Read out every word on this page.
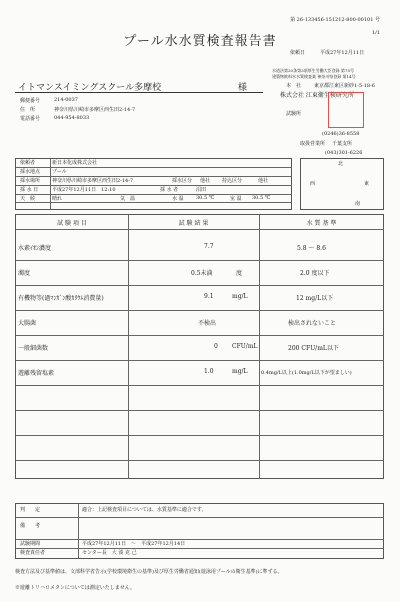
第 26-133456-151212-800-00101 号
1/1
プール水水質検査報告書
依頼日	平成27年12月11日
イトマンスイミングスクール多摩校	様
郵便番号	214-0037
住　所	神奈川県川崎市多摩区西生田2-14-7
電話番号	044-954-8033
水道法第20条第3項厚生労働大臣登録 第75号
建築物飲料水水質検査業 神奈川県登録 第14号
本　社	東京都江東区新砂1-5-18-6
株式会社 江東衛生検研究所
試験所
(0246)36-8558
取扱営業所 千葉支所
(043)301-6226
依頼者	新日本化成株式会社
採水地点 プール
採水場所 神奈川県川崎市多摩区西生田2-14-7	採水区分 他社 持込区分	他社
採 水 日	平成27年12月11日　12:10	採 水 者	沼田
天　候	晴れ	気　温	水 温 30.5 ℃	室 温 30.5 ℃
北
西	東
南
試 験 項 目	試 験 結 果	水 質 基 準
水素ｲｵﾝ濃度	7.7	5.8 ～ 8.6
濁度	0.5未満	度	2.0 度以下
有機物等(過ﾏﾝｶﾞﾝ酸ｶﾘｳﾑ消費量)	9.1	mg/L	12 mg/L以下
大腸菌	不検出	検出されないこと
一般細菌数	0 CFU/mL	200 CFU/mL以下
遊離残留塩素	1.0	mg/L	0.4mg/L以上(1.0mg/L以下が望ましい)
判　　定	適合：上記検査項目については、水質基準に適合です。
備　　考
試験期間	平成27年12月11日　～　平成27年12月14日
検査責任者	センター長　大 湊 克 己
検査方法及び基準値は、文部科学省告示(学校環境衛生の基準)及び厚生労働省通知(遊泳用プールの衛生基準)に準ずる。
※遊離トリハロメタンについては測定いたしません。
